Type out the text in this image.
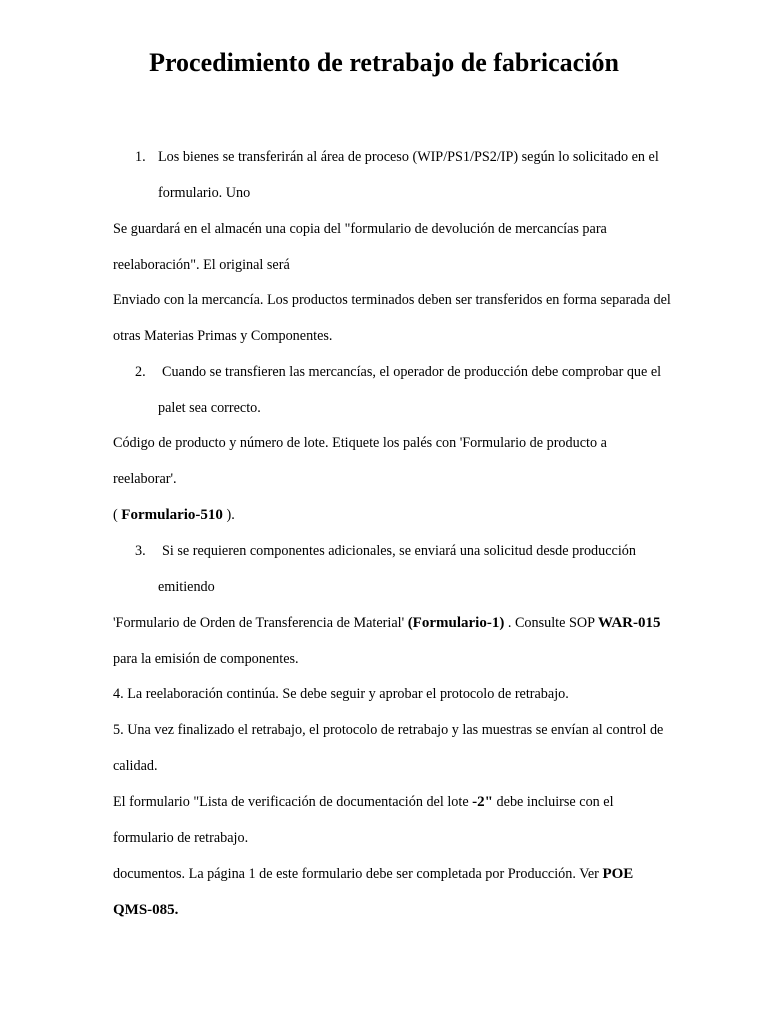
Procedimiento de retrabajo de fabricación
1. Los bienes se transferirán al área de proceso (WIP/PS1/PS2/IP) según lo solicitado en el

formulario. Uno

Se guardará en el almacén una copia del "formulario de devolución de mercancías para

reelaboración". El original será

Enviado con la mercancía. Los productos terminados deben ser transferidos en forma separada del

otras Materias Primas y Componentes.

2. Cuando se transfieren las mercancías, el operador de producción debe comprobar que el

palet sea correcto.

Código de producto y número de lote. Etiquete los palés con 'Formulario de producto a

reelaborar'.

( Formulario-510 ).

3. Si se requieren componentes adicionales, se enviará una solicitud desde producción

emitiendo

'Formulario de Orden de Transferencia de Material' (Formulario-1) . Consulte SOP WAR-015

para la emisión de componentes.

4. La reelaboración continúa. Se debe seguir y aprobar el protocolo de retrabajo.

5. Una vez finalizado el retrabajo, el protocolo de retrabajo y las muestras se envían al control de

calidad.

El formulario "Lista de verificación de documentación del lote -2" debe incluirse con el

formulario de retrabajo.

documentos. La página 1 de este formulario debe ser completada por Producción. Ver POE

QMS-085.
